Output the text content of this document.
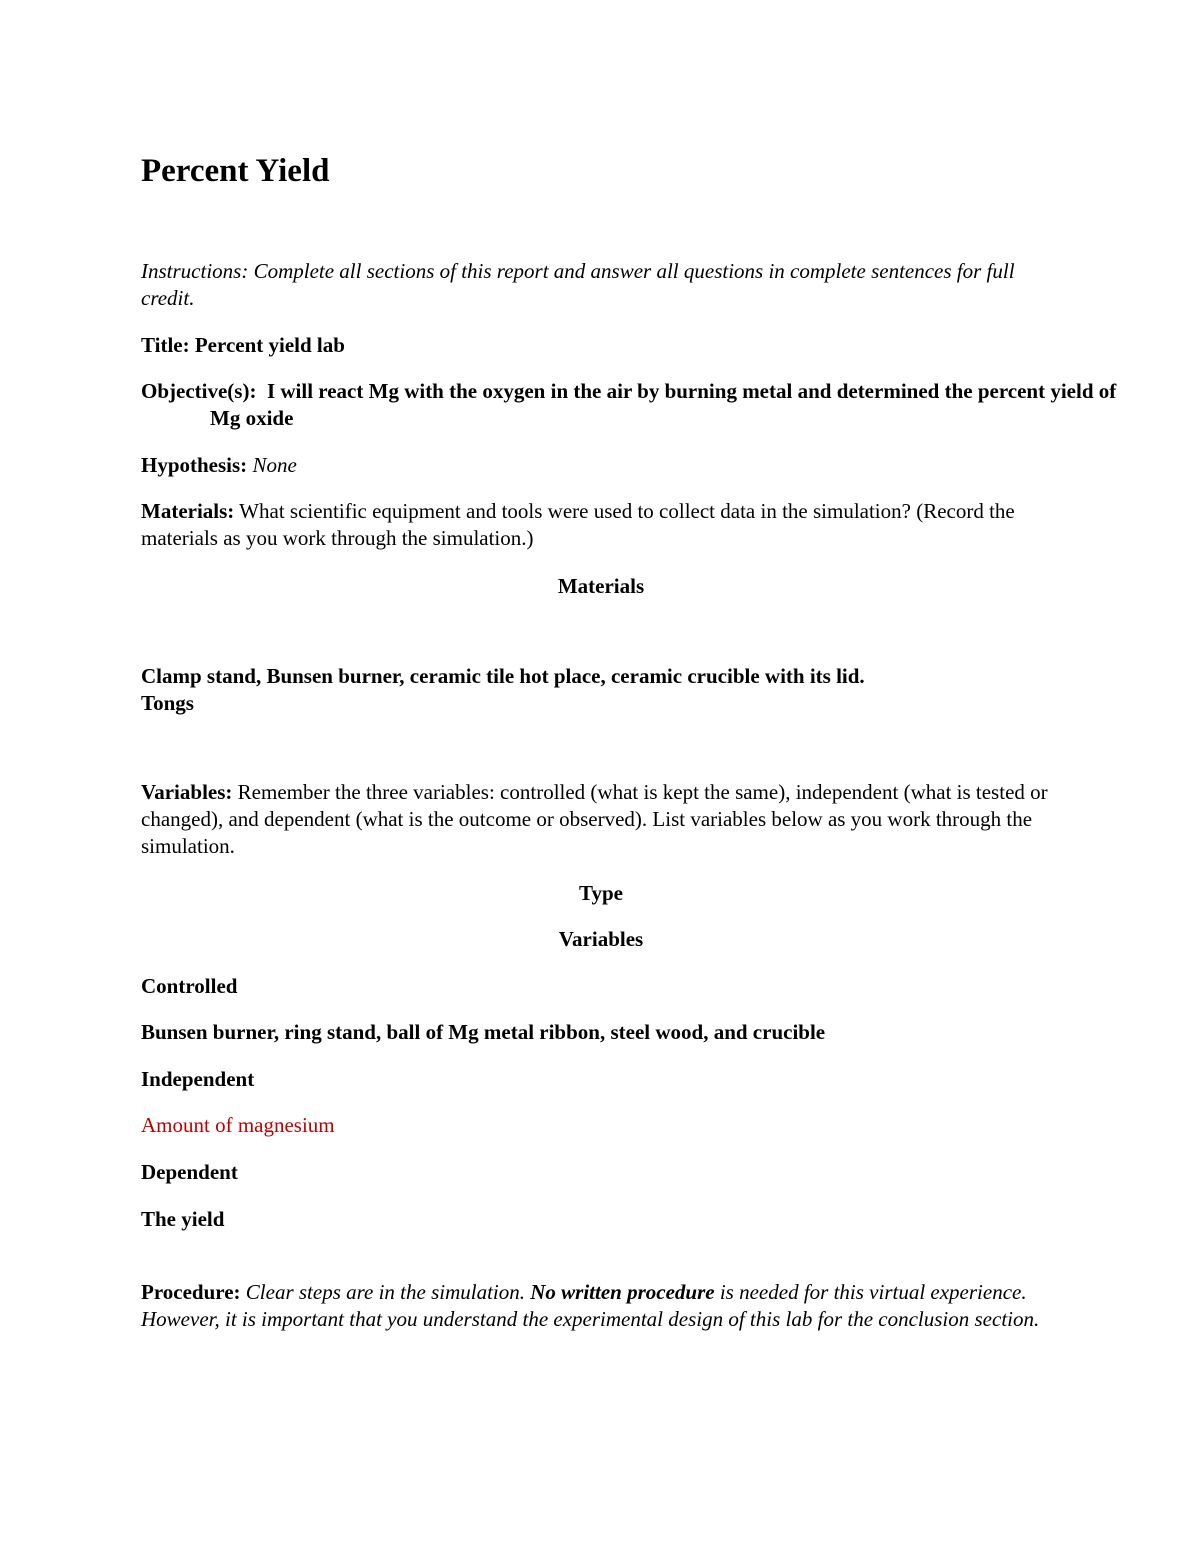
Percent Yield

Instructions: Complete all sections of this report and answer all questions in complete sentences for full credit.

Title: Percent yield lab

Objective(s): I will react Mg with the oxygen in the air by burning metal and determined the percent yield of Mg oxide

Hypothesis: None

Materials: What scientific equipment and tools were used to collect data in the simulation? (Record the materials as you work through the simulation.)

Materials

Clamp stand, Bunsen burner, ceramic tile hot place, ceramic crucible with its lid.

Tongs

Variables: Remember the three variables: controlled (what is kept the same), independent (what is tested or changed), and dependent (what is the outcome or observed). List variables below as you work through the simulation.

Type

Variables

Controlled

Bunsen burner, ring stand, ball of Mg metal ribbon, steel wood, and crucible

Independent

Amount of magnesium

Dependent

The yield

Procedure: Clear steps are in the simulation. No written procedure is needed for this virtual experience. However, it is important that you understand the experimental design of this lab for the conclusion section.
